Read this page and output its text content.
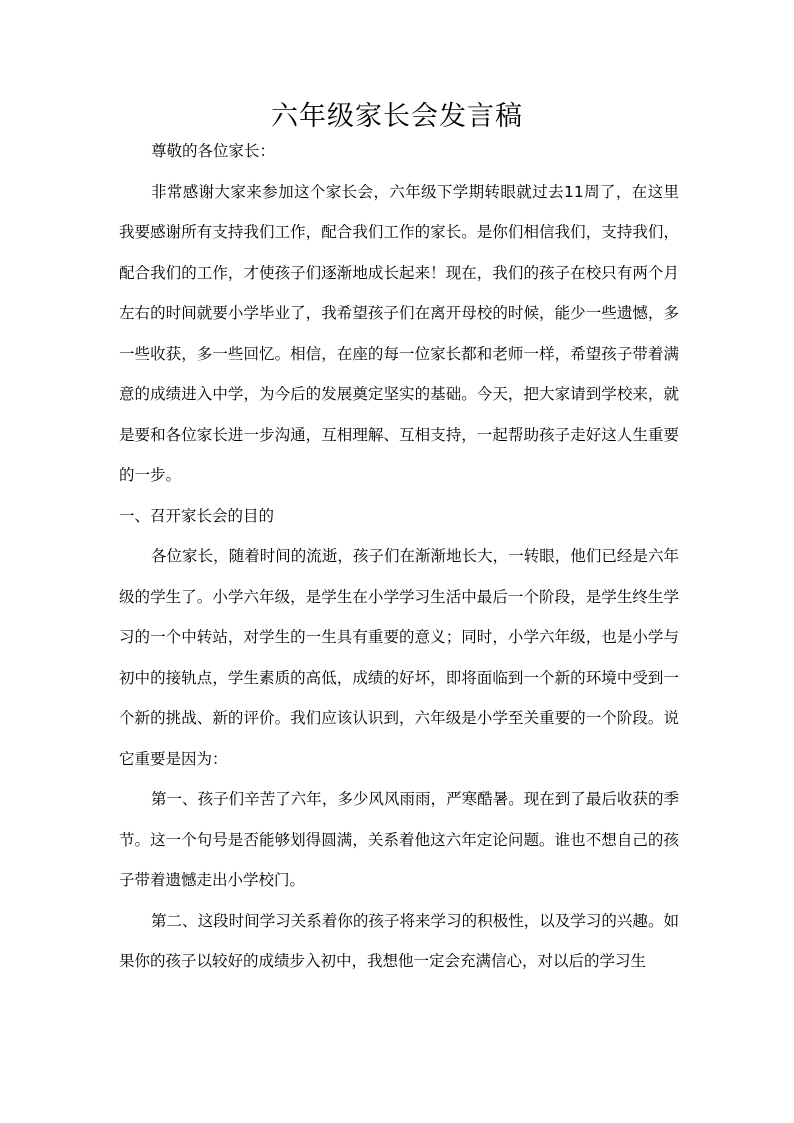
六年级家长会发言稿

尊敬的各位家长：

非常感谢大家来参加这个家长会，六年级下学期转眼就过去11周了，在这里我要感谢所有支持我们工作，配合我们工作的家长。是你们相信我们，支持我们，配合我们的工作，才使孩子们逐渐地成长起来！现在，我们的孩子在校只有两个月左右的时间就要小学毕业了，我希望孩子们在离开母校的时候，能少一些遗憾，多一些收获，多一些回忆。相信，在座的每一位家长都和老师一样，希望孩子带着满意的成绩进入中学，为今后的发展奠定坚实的基础。今天，把大家请到学校来，就是要和各位家长进一步沟通，互相理解、互相支持，一起帮助孩子走好这人生重要的一步。

一、召开家长会的目的

各位家长，随着时间的流逝，孩子们在渐渐地长大，一转眼，他们已经是六年级的学生了。小学六年级，是学生在小学学习生活中最后一个阶段，是学生终生学习的一个中转站，对学生的一生具有重要的意义；同时，小学六年级，也是小学与初中的接轨点，学生素质的高低，成绩的好坏，即将面临到一个新的环境中受到一个新的挑战、新的评价。我们应该认识到，六年级是小学至关重要的一个阶段。说它重要是因为：

第一、孩子们辛苦了六年，多少风风雨雨，严寒酷暑。现在到了最后收获的季节。这一个句号是否能够划得圆满，关系着他这六年定论问题。谁也不想自己的孩子带着遗憾走出小学校门。

第二、这段时间学习关系着你的孩子将来学习的积极性，以及学习的兴趣。如果你的孩子以较好的成绩步入初中，我想他一定会充满信心，对以后的学习生
